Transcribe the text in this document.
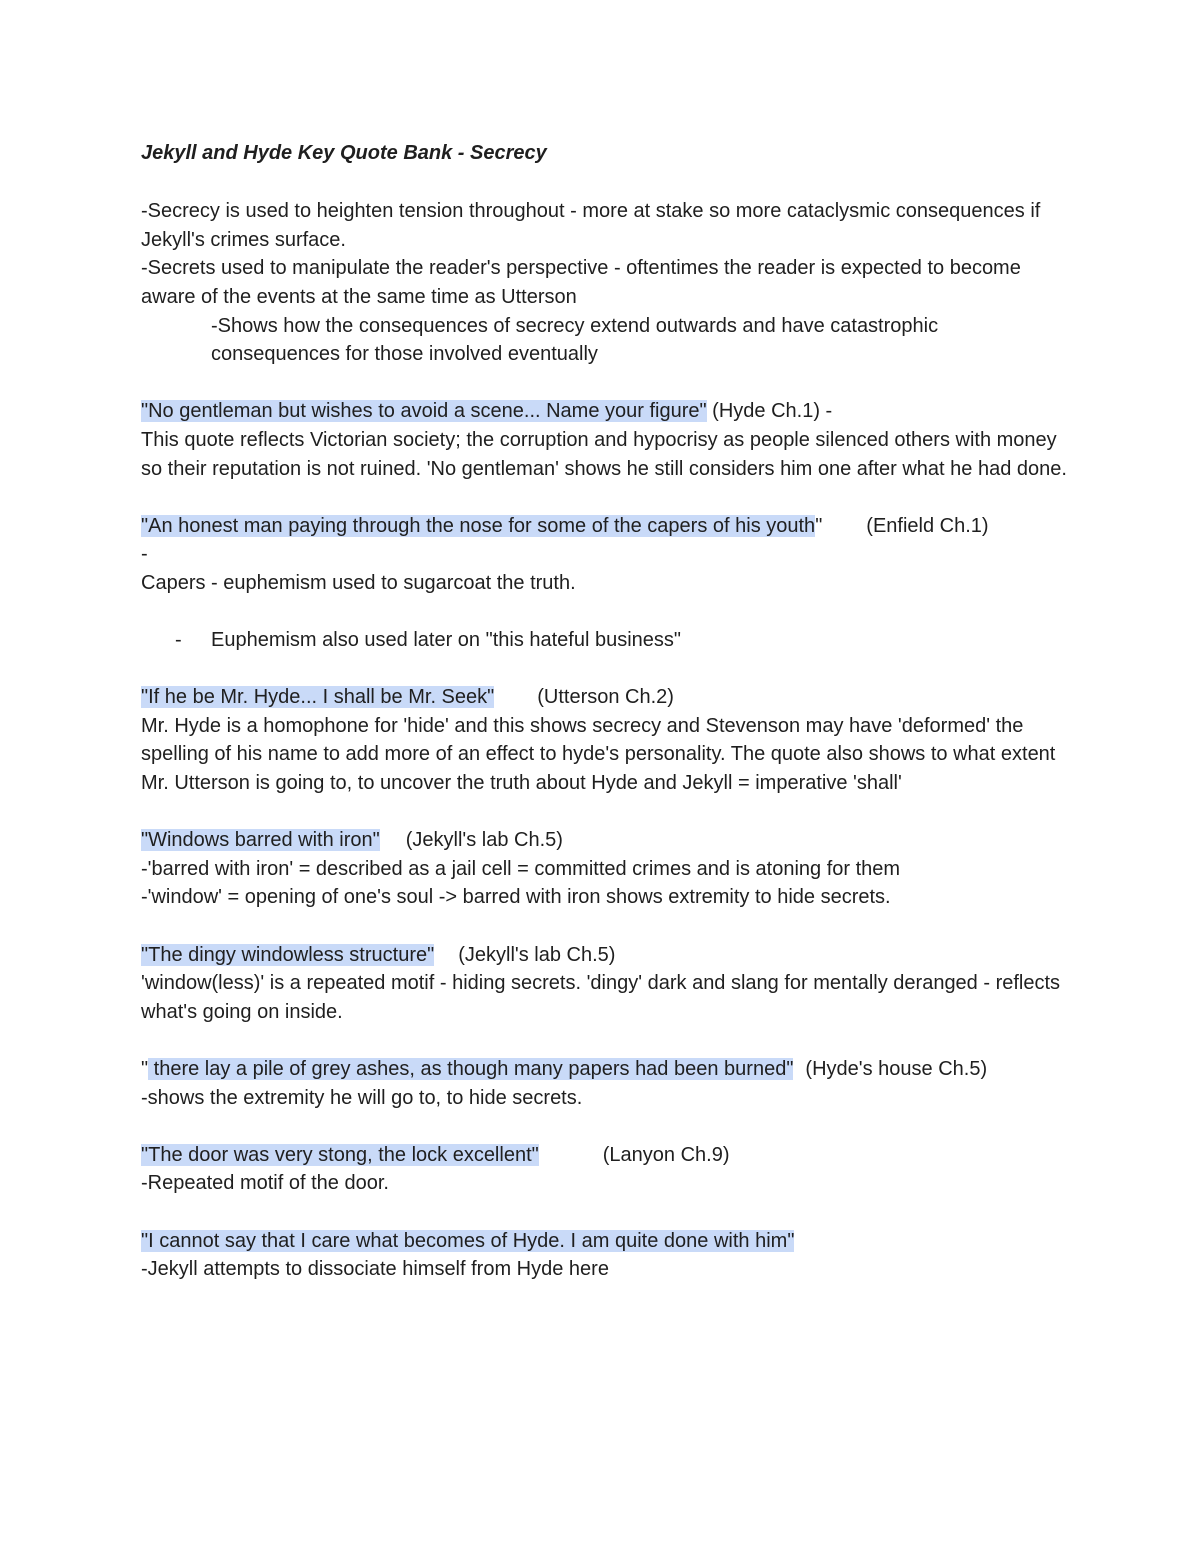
Jekyll and Hyde Key Quote Bank - Secrecy

-Secrecy is used to heighten tension throughout - more at stake so more cataclysmic consequences if Jekyll's crimes surface.

-Secrets used to manipulate the reader's perspective - oftentimes the reader is expected to become aware of the events at the same time as Utterson

-Shows how the consequences of secrecy extend outwards and have catastrophic consequences for those involved eventually

"No gentleman but wishes to avoid a scene... Name your figure" (Hyde Ch.1) -

This quote reflects Victorian society; the corruption and hypocrisy as people silenced others with money so their reputation is not ruined. 'No gentleman' shows he still considers him one after what he had done.

"An honest man paying through the nose for some of the capers of his youth" (Enfield Ch.1)

-

Capers - euphemism used to sugarcoat the truth.

-	Euphemism also used later on "this hateful business"

"If he be Mr. Hyde... I shall be Mr. Seek" (Utterson Ch.2)

Mr. Hyde is a homophone for 'hide' and this shows secrecy and Stevenson may have 'deformed' the spelling of his name to add more of an effect to hyde's personality. The quote also shows to what extent Mr. Utterson is going to, to uncover the truth about Hyde and Jekyll = imperative 'shall'

"Windows barred with iron" (Jekyll's lab Ch.5)

-'barred with iron' = described as a jail cell = committed crimes and is atoning for them

-'window' = opening of one's soul -> barred with iron shows extremity to hide secrets.

"The dingy windowless structure" (Jekyll's lab Ch.5)

'window(less)' is a repeated motif - hiding secrets. 'dingy' dark and slang for mentally deranged - reflects what's going on inside.

" there lay a pile of grey ashes, as though many papers had been burned" (Hyde's house Ch.5)

-shows the extremity he will go to, to hide secrets.

"The door was very stong, the lock excellent"	(Lanyon Ch.9)

-Repeated motif of the door.

"I cannot say that I care what becomes of Hyde. I am quite done with him"

-Jekyll attempts to dissociate himself from Hyde here
